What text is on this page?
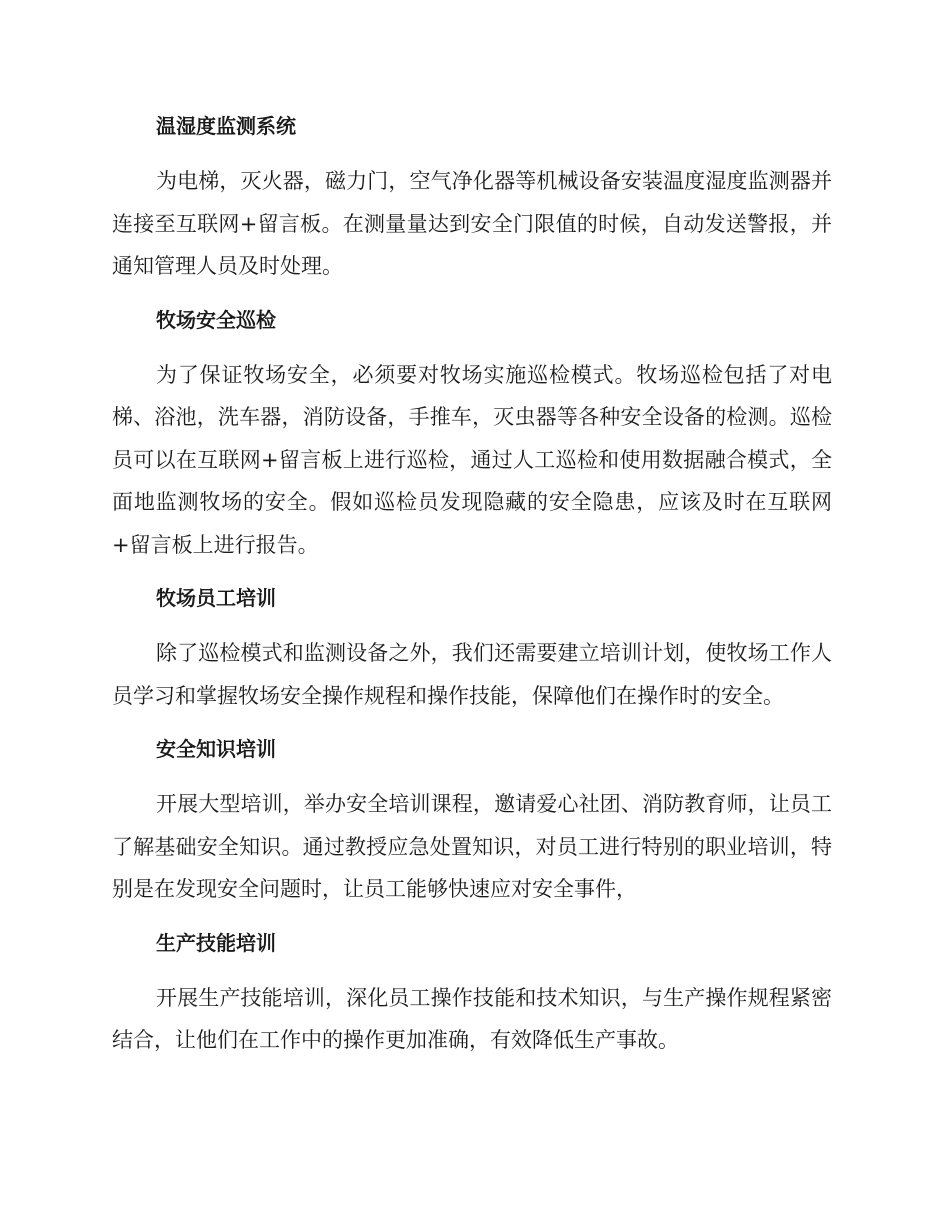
温湿度监测系统

为电梯，灭火器，磁力门，空气净化器等机械设备安装温度湿度监测器并连接至互联网+留言板。在测量量达到安全门限值的时候，自动发送警报，并通知管理人员及时处理。

牧场安全巡检

为了保证牧场安全，必须要对牧场实施巡检模式。牧场巡检包括了对电梯、浴池，洗车器，消防设备，手推车，灭虫器等各种安全设备的检测。巡检员可以在互联网+留言板上进行巡检，通过人工巡检和使用数据融合模式，全面地监测牧场的安全。假如巡检员发现隐藏的安全隐患，应该及时在互联网+留言板上进行报告。

牧场员工培训

除了巡检模式和监测设备之外，我们还需要建立培训计划，使牧场工作人员学习和掌握牧场安全操作规程和操作技能，保障他们在操作时的安全。

安全知识培训

开展大型培训，举办安全培训课程，邀请爱心社团、消防教育师，让员工了解基础安全知识。通过教授应急处置知识，对员工进行特别的职业培训，特别是在发现安全问题时，让员工能够快速应对安全事件，

生产技能培训

开展生产技能培训，深化员工操作技能和技术知识，与生产操作规程紧密结合，让他们在工作中的操作更加准确，有效降低生产事故。
